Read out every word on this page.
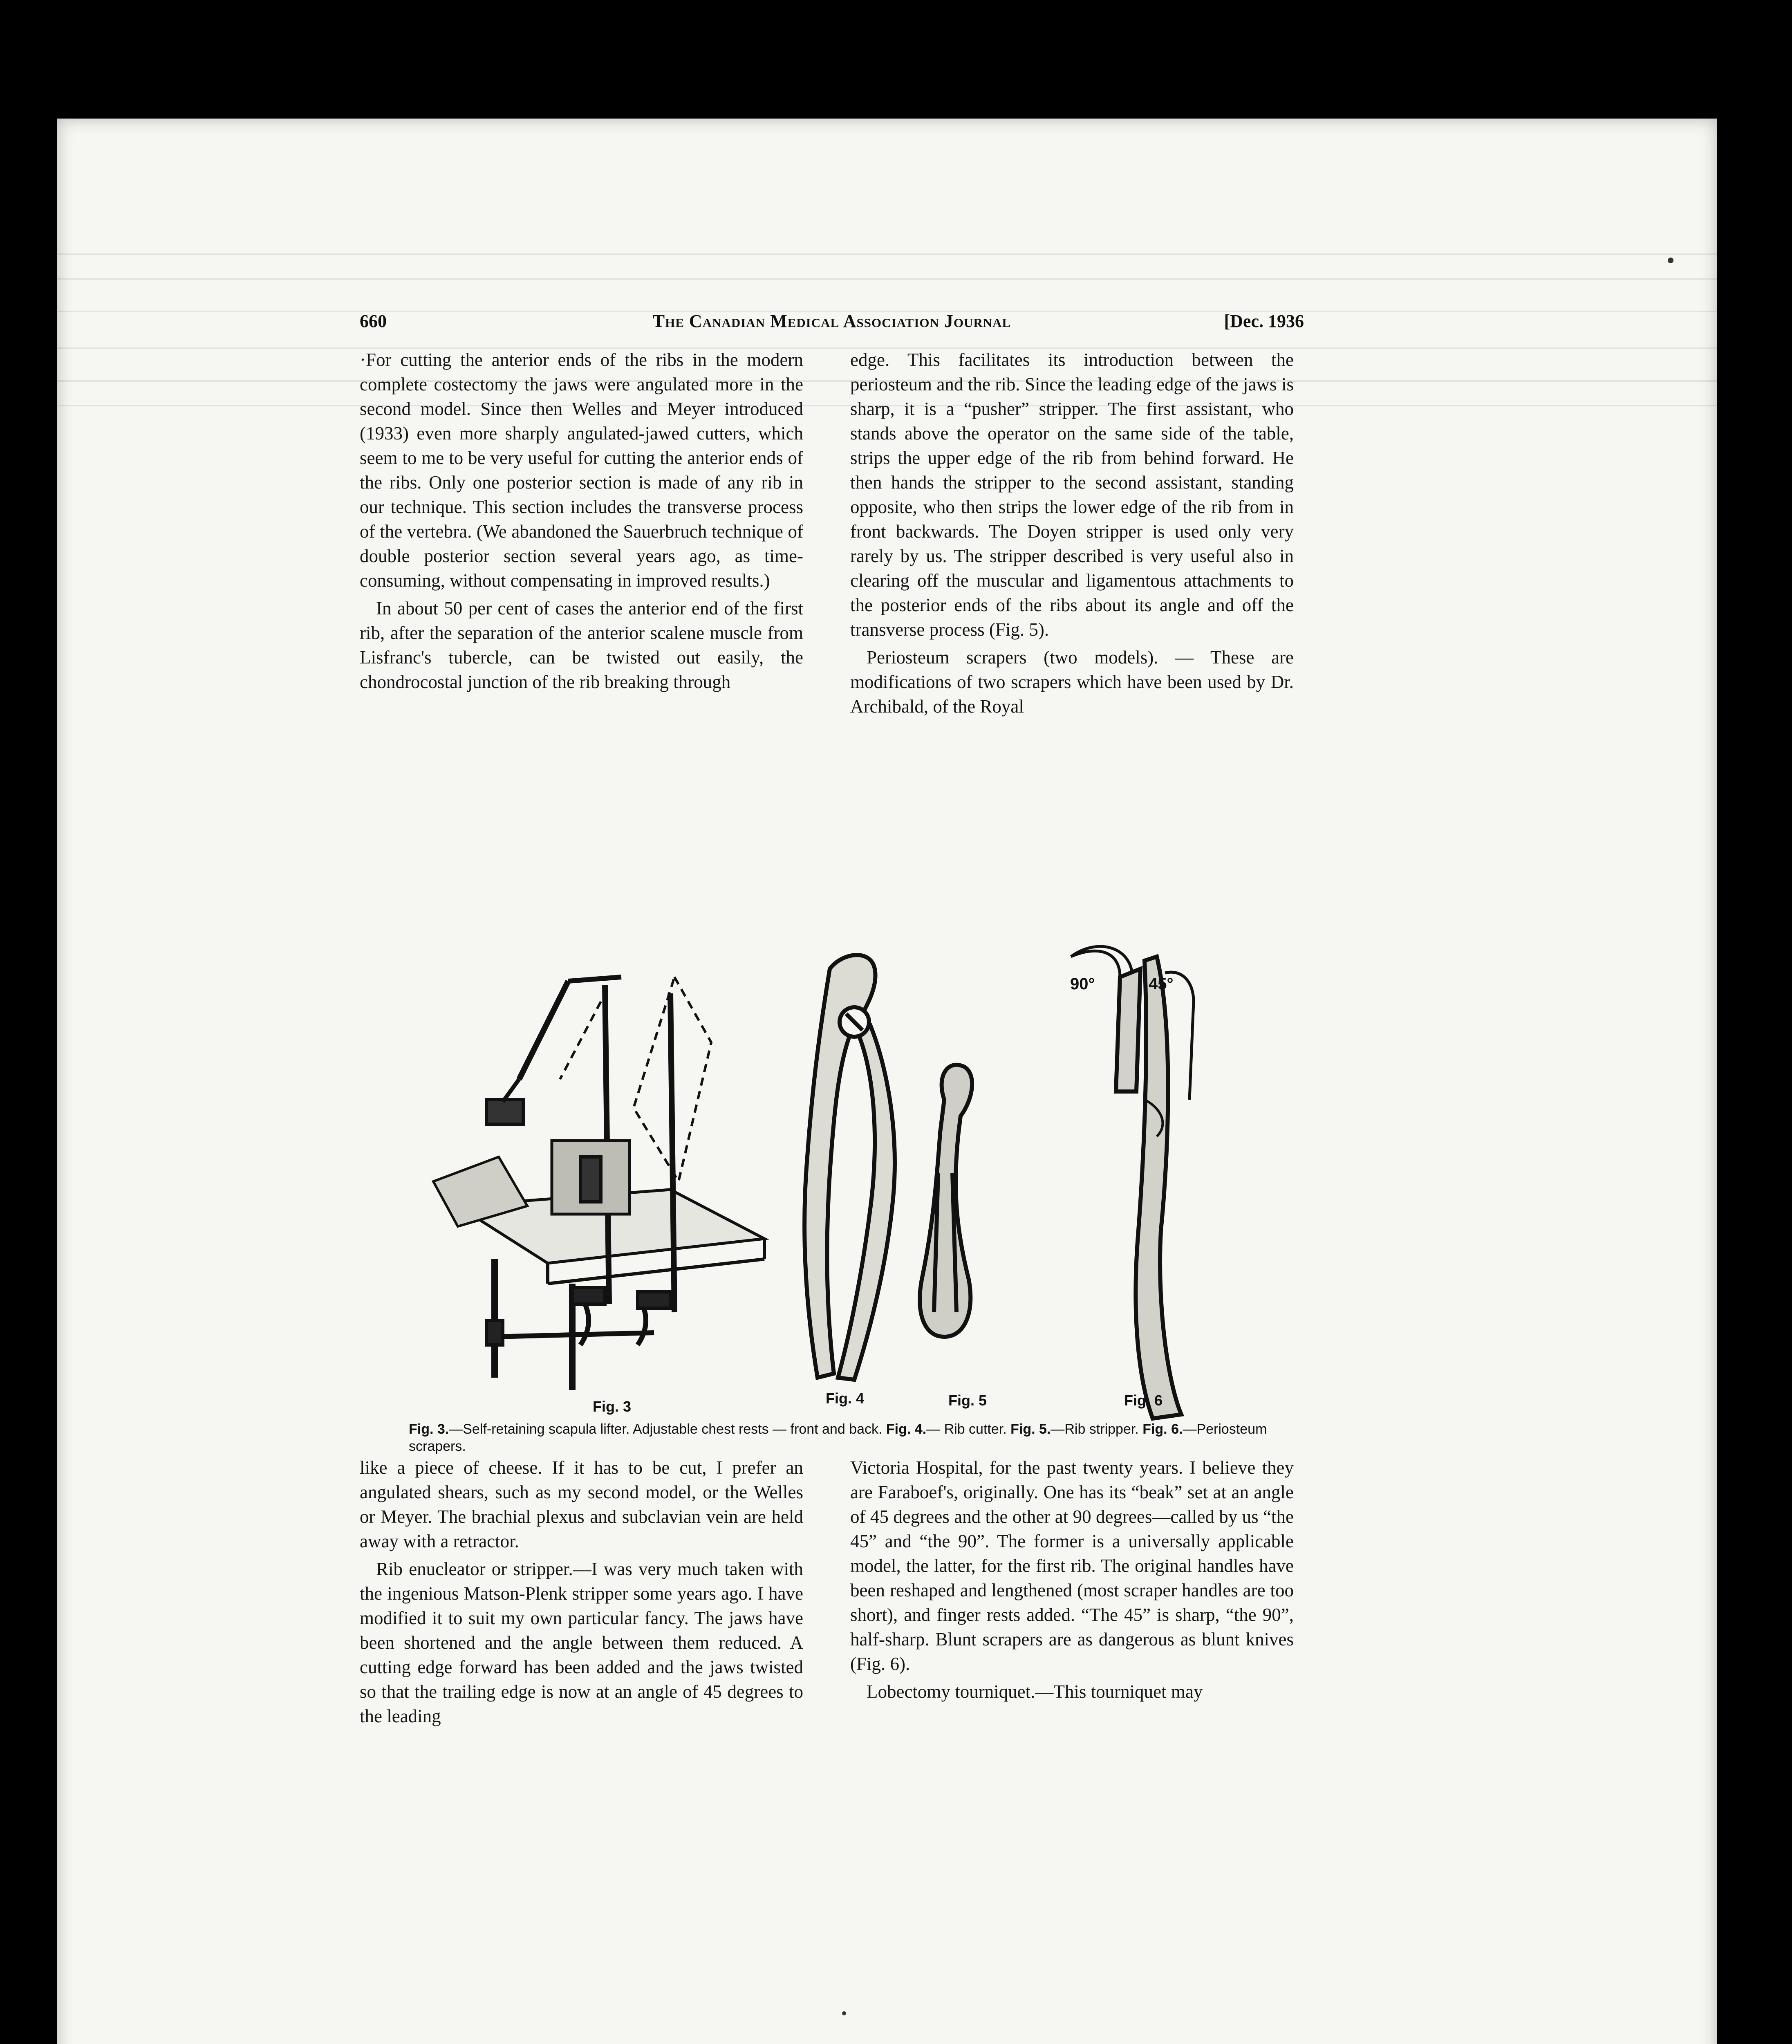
660	The Canadian Medical Association Journal	[Dec. 1936

·For cutting the anterior ends of the ribs in the modern complete costectomy the jaws were angulated more in the second model. Since then Welles and Meyer introduced (1933) even more sharply angulated-jawed cutters, which seem to me to be very useful for cutting the anterior ends of the ribs. Only one posterior section is made of any rib in our technique. This section includes the transverse process of the vertebra. (We abandoned the Sauerbruch technique of double posterior section several years ago, as time-consuming, without compensating in improved results.)

In about 50 per cent of cases the anterior end of the first rib, after the separation of the anterior scalene muscle from Lisfranc's tubercle, can be twisted out easily, the chondrocostal junction of the rib breaking through

edge. This facilitates its introduction between the periosteum and the rib. Since the leading edge of the jaws is sharp, it is a “pusher” stripper. The first assistant, who stands above the operator on the same side of the table, strips the upper edge of the rib from behind forward. He then hands the stripper to the second assistant, standing opposite, who then strips the lower edge of the rib from in front backwards. The Doyen stripper is used only very rarely by us. The stripper described is very useful also in clearing off the muscular and ligamentous attachments to the posterior ends of the ribs about its angle and off the transverse process (Fig. 5).

Periosteum scrapers (two models). — These are modifications of two scrapers which have been used by Dr. Archibald, of the Royal

90°	45°
Fig. 3	Fig. 4	Fig. 5	Fig. 6
Fig. 3.—Self-retaining scapula lifter. Adjustable chest rests — front and back. Fig. 4.— Rib cutter. Fig. 5.—Rib stripper. Fig. 6.—Periosteum scrapers.

like a piece of cheese. If it has to be cut, I prefer an angulated shears, such as my second model, or the Welles or Meyer. The brachial plexus and subclavian vein are held away with a retractor.

Rib enucleator or stripper.—I was very much taken with the ingenious Matson-Plenk stripper some years ago. I have modified it to suit my own particular fancy. The jaws have been shortened and the angle between them reduced. A cutting edge forward has been added and the jaws twisted so that the trailing edge is now at an angle of 45 degrees to the leading

Victoria Hospital, for the past twenty years. I believe they are Faraboef's, originally. One has its “beak” set at an angle of 45 degrees and the other at 90 degrees—called by us “the 45” and “the 90”. The former is a universally applicable model, the latter, for the first rib. The original handles have been reshaped and lengthened (most scraper handles are too short), and finger rests added. “The 45” is sharp, “the 90”, half-sharp. Blunt scrapers are as dangerous as blunt knives (Fig. 6).

Lobectomy tourniquet.—This tourniquet may
